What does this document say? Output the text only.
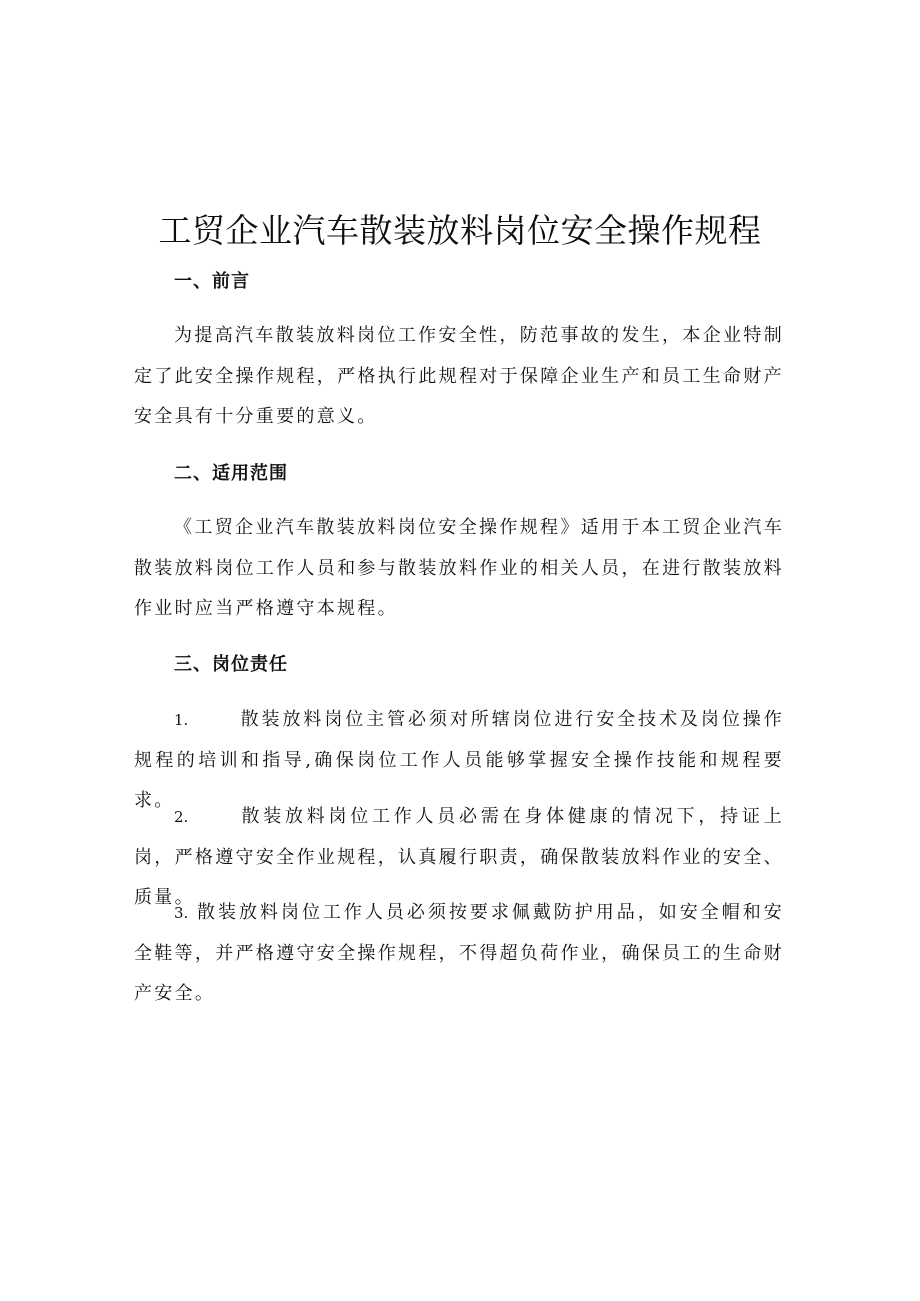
工贸企业汽车散装放料岗位安全操作规程
一、前言

为提高汽车散装放料岗位工作安全性，防范事故的发生，本企业特制定了此安全操作规程，严格执行此规程对于保障企业生产和员工生命财产安全具有十分重要的意义。

二、适用范围

《工贸企业汽车散装放料岗位安全操作规程》适用于本工贸企业汽车散装放料岗位工作人员和参与散装放料作业的相关人员，在进行散装放料作业时应当严格遵守本规程。

三、岗位责任

1.	散装放料岗位主管必须对所辖岗位进行安全技术及岗位操作规程的培训和指导,确保岗位工作人员能够掌握安全操作技能和规程要求。

2.	散装放料岗位工作人员必需在身体健康的情况下，持证上岗，严格遵守安全作业规程，认真履行职责，确保散装放料作业的安全、质量。

3. 散装放料岗位工作人员必须按要求佩戴防护用品，如安全帽和安全鞋等，并严格遵守安全操作规程，不得超负荷作业，确保员工的生命财产安全。
